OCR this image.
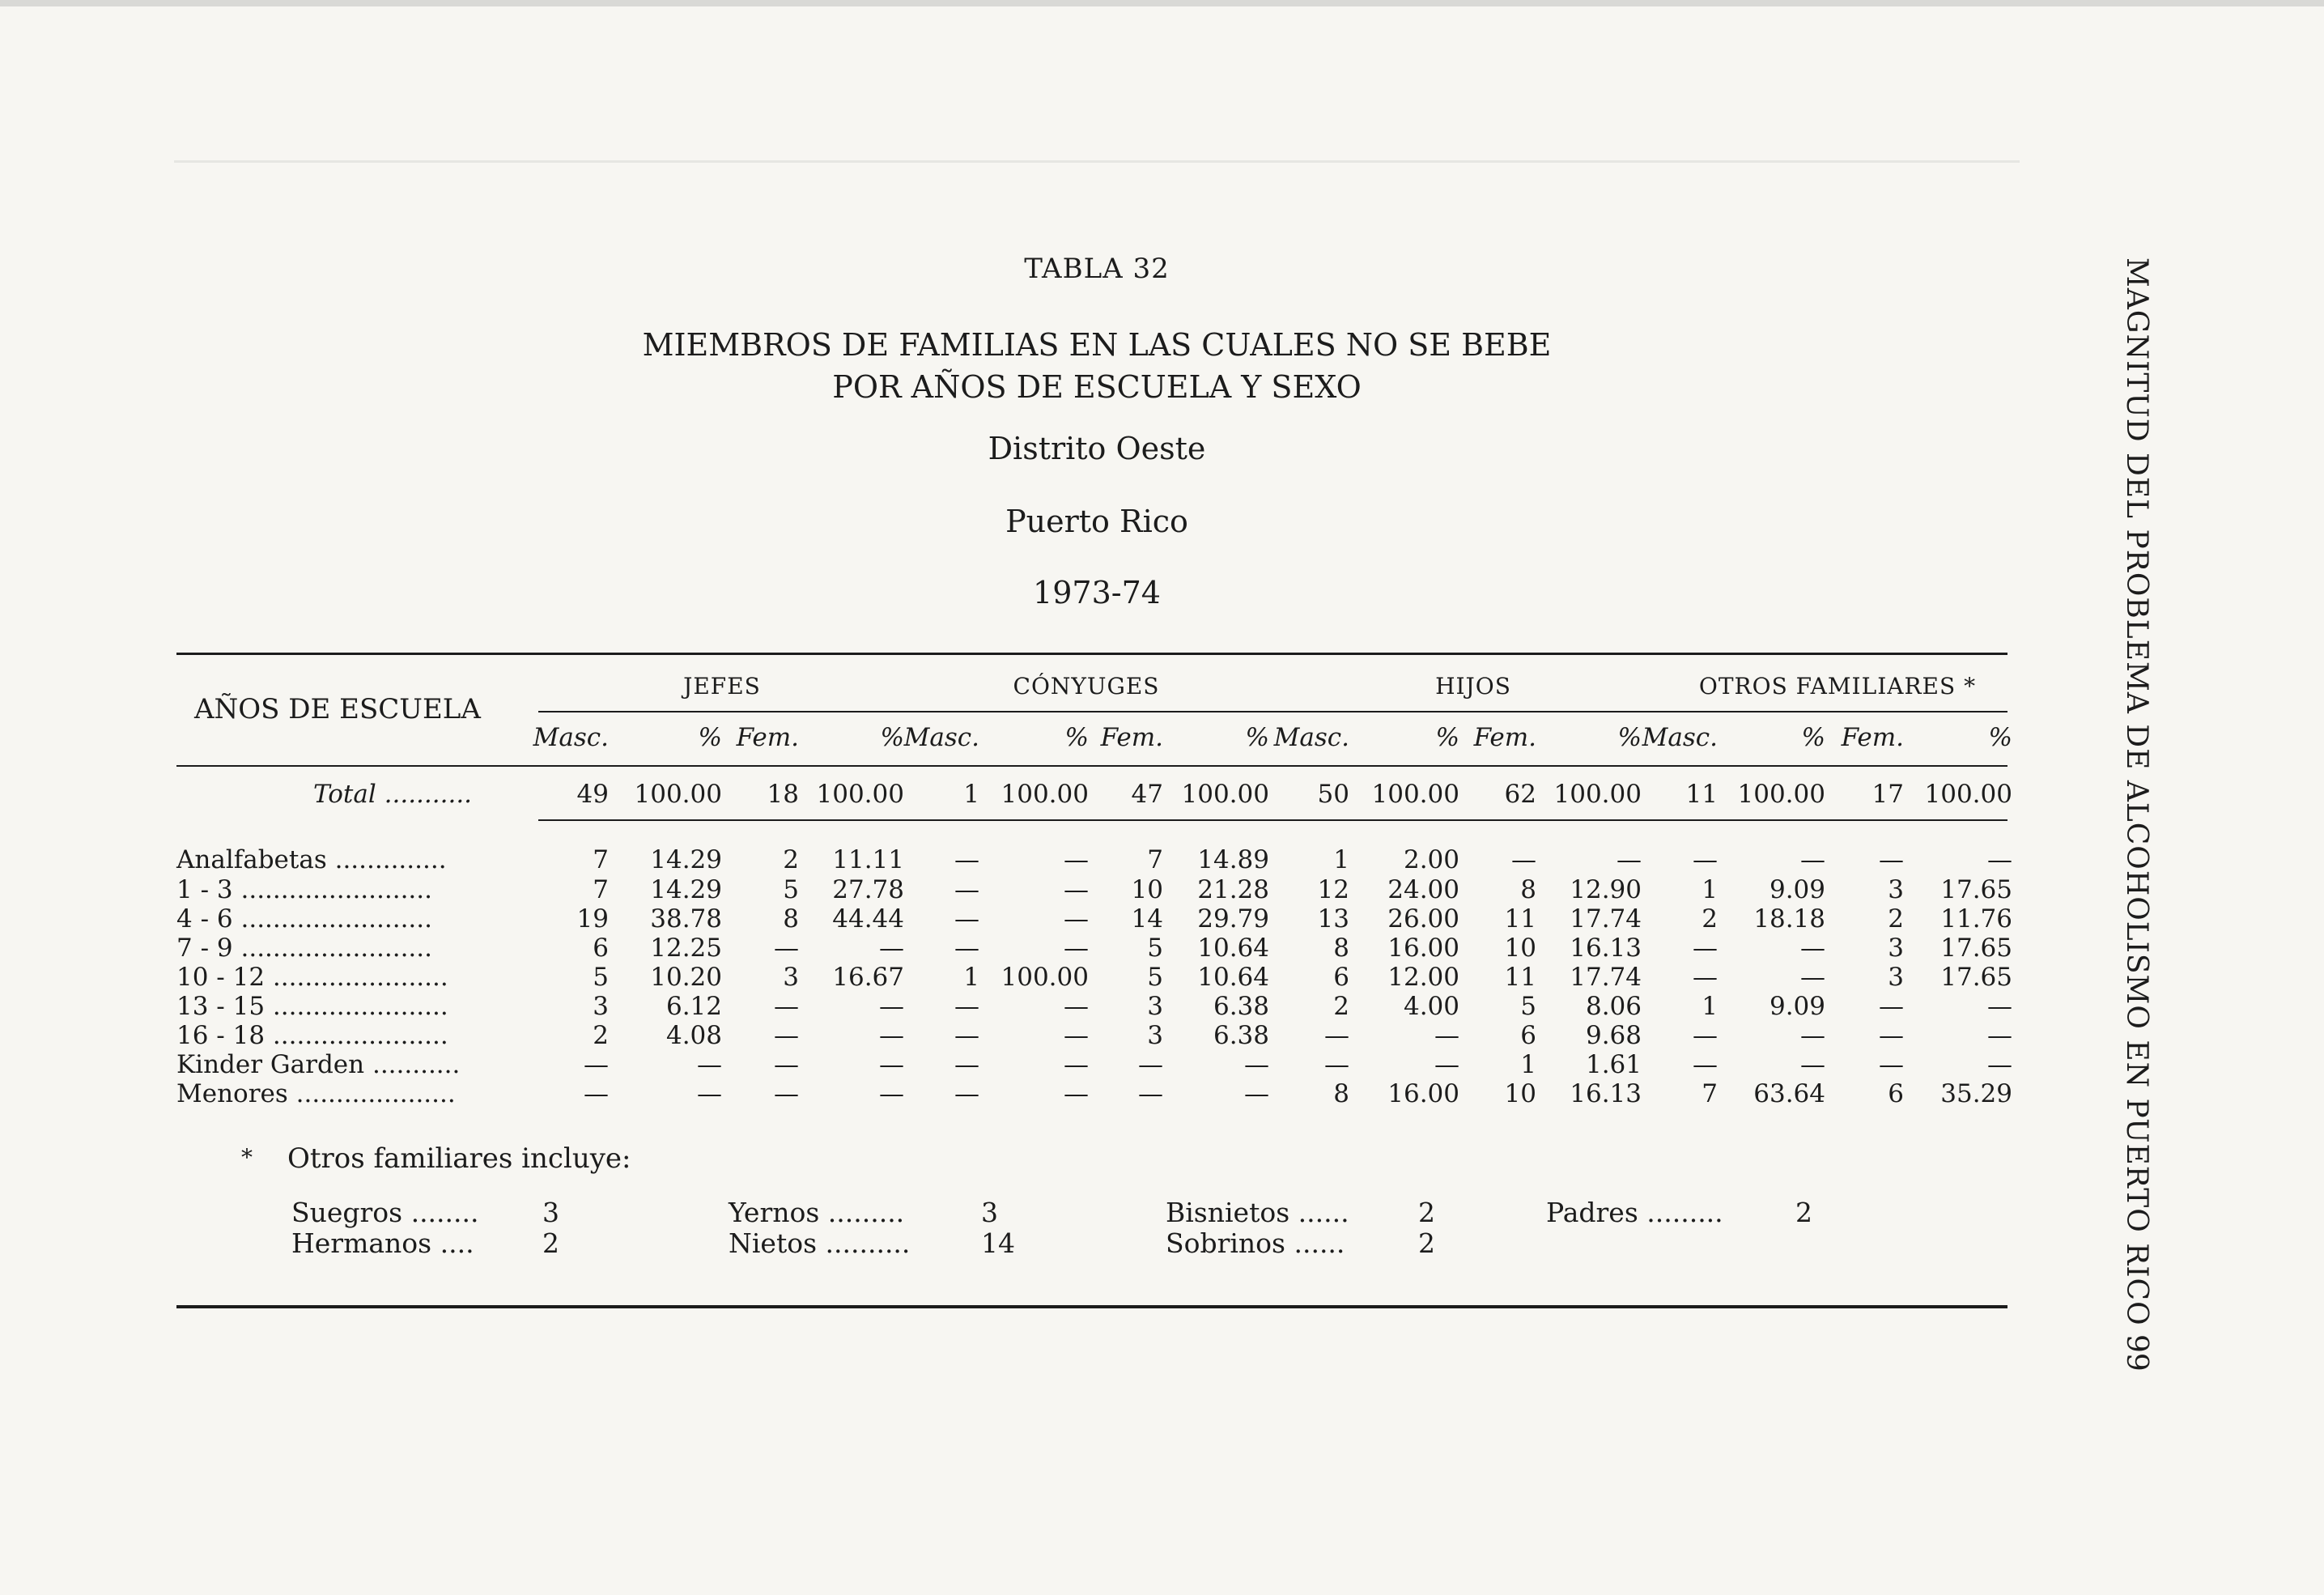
TABLA 32
MIEMBROS DE FAMILIAS EN LAS CUALES NO SE BEBE
POR AÑOS DE ESCUELA Y SEXO
Distrito Oeste
Puerto Rico
1973-74
AÑOS DE ESCUELA
JEFES	CÓNYUGES	HIJOS	OTROS FAMILIARES *
Masc.	% Fem.	% Masc.	% Fem.	% Masc.	% Fem.	% Masc.	% Fem.	%
Total ...........	49	100.00	18 100.00	1 100.00	47 100.00	50 100.00	62 100.00	11 100.00	17 100.00
Analfabetas ..............	7	14.29	2	11.11	—	—	7	14.89	1	2.00	—	—	—	—	—	—
1 - 3 ........................	7	14.29	5	27.78	—	—	10	21.28	12	24.00	8	12.90	1	9.09	3	17.65
4 - 6 ........................	19	38.78	8	44.44	—	—	14	29.79	13	26.00	11	17.74	2	18.18	2	11.76
7 - 9 ........................	6	12.25	—	—	—	—	5	10.64	8	16.00	10	16.13	—	—	3	17.65
10 - 12 ......................	5	10.20	3	16.67	1 100.00	5	10.64	6	12.00	11	17.74	—	—	3	17.65
13 - 15 ......................	3	6.12	—	—	—	—	3	6.38	2	4.00	5	8.06	1	9.09	—	—
16 - 18 ......................	2	4.08	—	—	—	—	3	6.38	—	—	6	9.68	—	—	—	—
Kinder Garden ...........	—	—	—	—	—	—	—	—	—	—	1	1.61	—	—	—	—
Menores ....................	—	—	—	—	—	—	—	—	8	16.00	10	16.13	7	63.64	6	35.29
* Otros familiares incluye:
Suegros ........ 3
Hermanos ....	2
Yernos .........	3
Nietos ..........	14
Bisnietos ......	2
Sobrinos ......	2
Padres .........	2	MAGNITUD DEL PROBLEMA DE ALCOHOLISMO EN PUERTO RICO
99
